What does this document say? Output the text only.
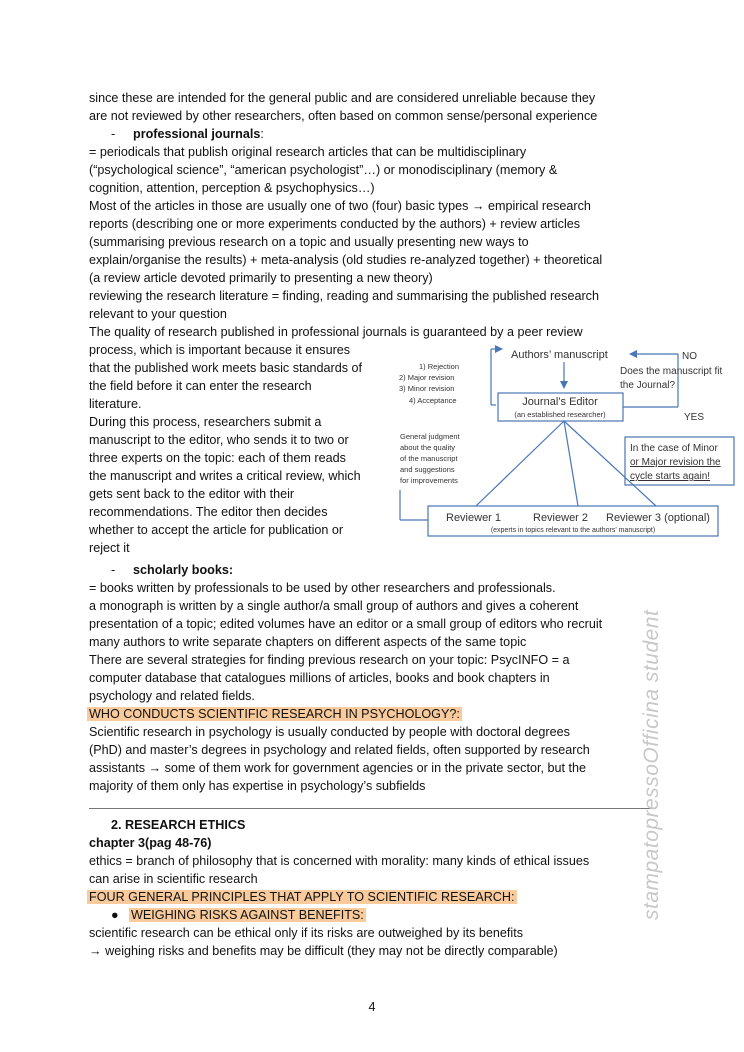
since these are intended for the general public and are considered unreliable because they

are not reviewed by other researchers, often based on common sense/personal experience

- professional journals:

= periodicals that publish original research articles that can be multidisciplinary

(“psychological science”, “american psychologist”…) or monodisciplinary (memory &

cognition, attention, perception & psychophysics…)

Most of the articles in those are usually one of two (four) basic types → empirical research

reports (describing one or more experiments conducted by the authors) + review articles

(summarising previous research on a topic and usually presenting new ways to

explain/organise the results) + meta-analysis (old studies re-analyzed together) + theoretical

(a review article devoted primarily to presenting a new theory)

reviewing the research literature = finding, reading and summarising the published research

relevant to your question

The quality of research published in professional journals is guaranteed by a peer review

process, which is important because it ensures

that the published work meets basic standards of

the field before it can enter the research

literature.

During this process, researchers submit a

manuscript to the editor, who sends it to two or

three experts on the topic: each of them reads

the manuscript and writes a critical review, which

gets sent back to the editor with their

recommendations. The editor then decides

whether to accept the article for publication or

reject it

- scholarly books:

= books written by professionals to be used by other researchers and professionals.

a monograph is written by a single author/a small group of authors and gives a coherent

presentation of a topic; edited volumes have an editor or a small group of editors who recruit

many authors to write separate chapters on different aspects of the same topic

There are several strategies for finding previous research on your topic: PsycINFO = a

computer database that catalogues millions of articles, books and book chapters in

psychology and related fields.

WHO CONDUCTS SCIENTIFIC RESEARCH IN PSYCHOLOGY?:

Scientific research in psychology is usually conducted by people with doctoral degrees

(PhD) and master’s degrees in psychology and related fields, often supported by research

assistants → some of them work for government agencies or in the private sector, but the

majority of them only has expertise in psychology’s subfields

2. RESEARCH ETHICS

chapter 3(pag 48-76)

ethics = branch of philosophy that is concerned with morality: many kinds of ethical issues

can arise in scientific research

FOUR GENERAL PRINCIPLES THAT APPLY TO SCIENTIFIC RESEARCH:

● WEIGHING RISKS AGAINST BENEFITS:

scientific research can be ethical only if its risks are outweighed by its benefits

→ weighing risks and benefits may be difficult (they may not be directly comparable)

Authors’ manuscript	NO
Does the manuscript fit
the Journal?
1) Rejection
2) Major revision
3) Minor revision
4) Acceptance	Journal’s Editor
(an established researcher)	YES
General judgment
about the quality
of the manuscript
and suggestions
for improvements
In the case of Minor
or Major revision the
cycle starts again!
Reviewer 1	Reviewer 2 Reviewer 3 (optional)
(experts in topics relevant to the authors' manuscript)
stampatopressoOfficina student
4
